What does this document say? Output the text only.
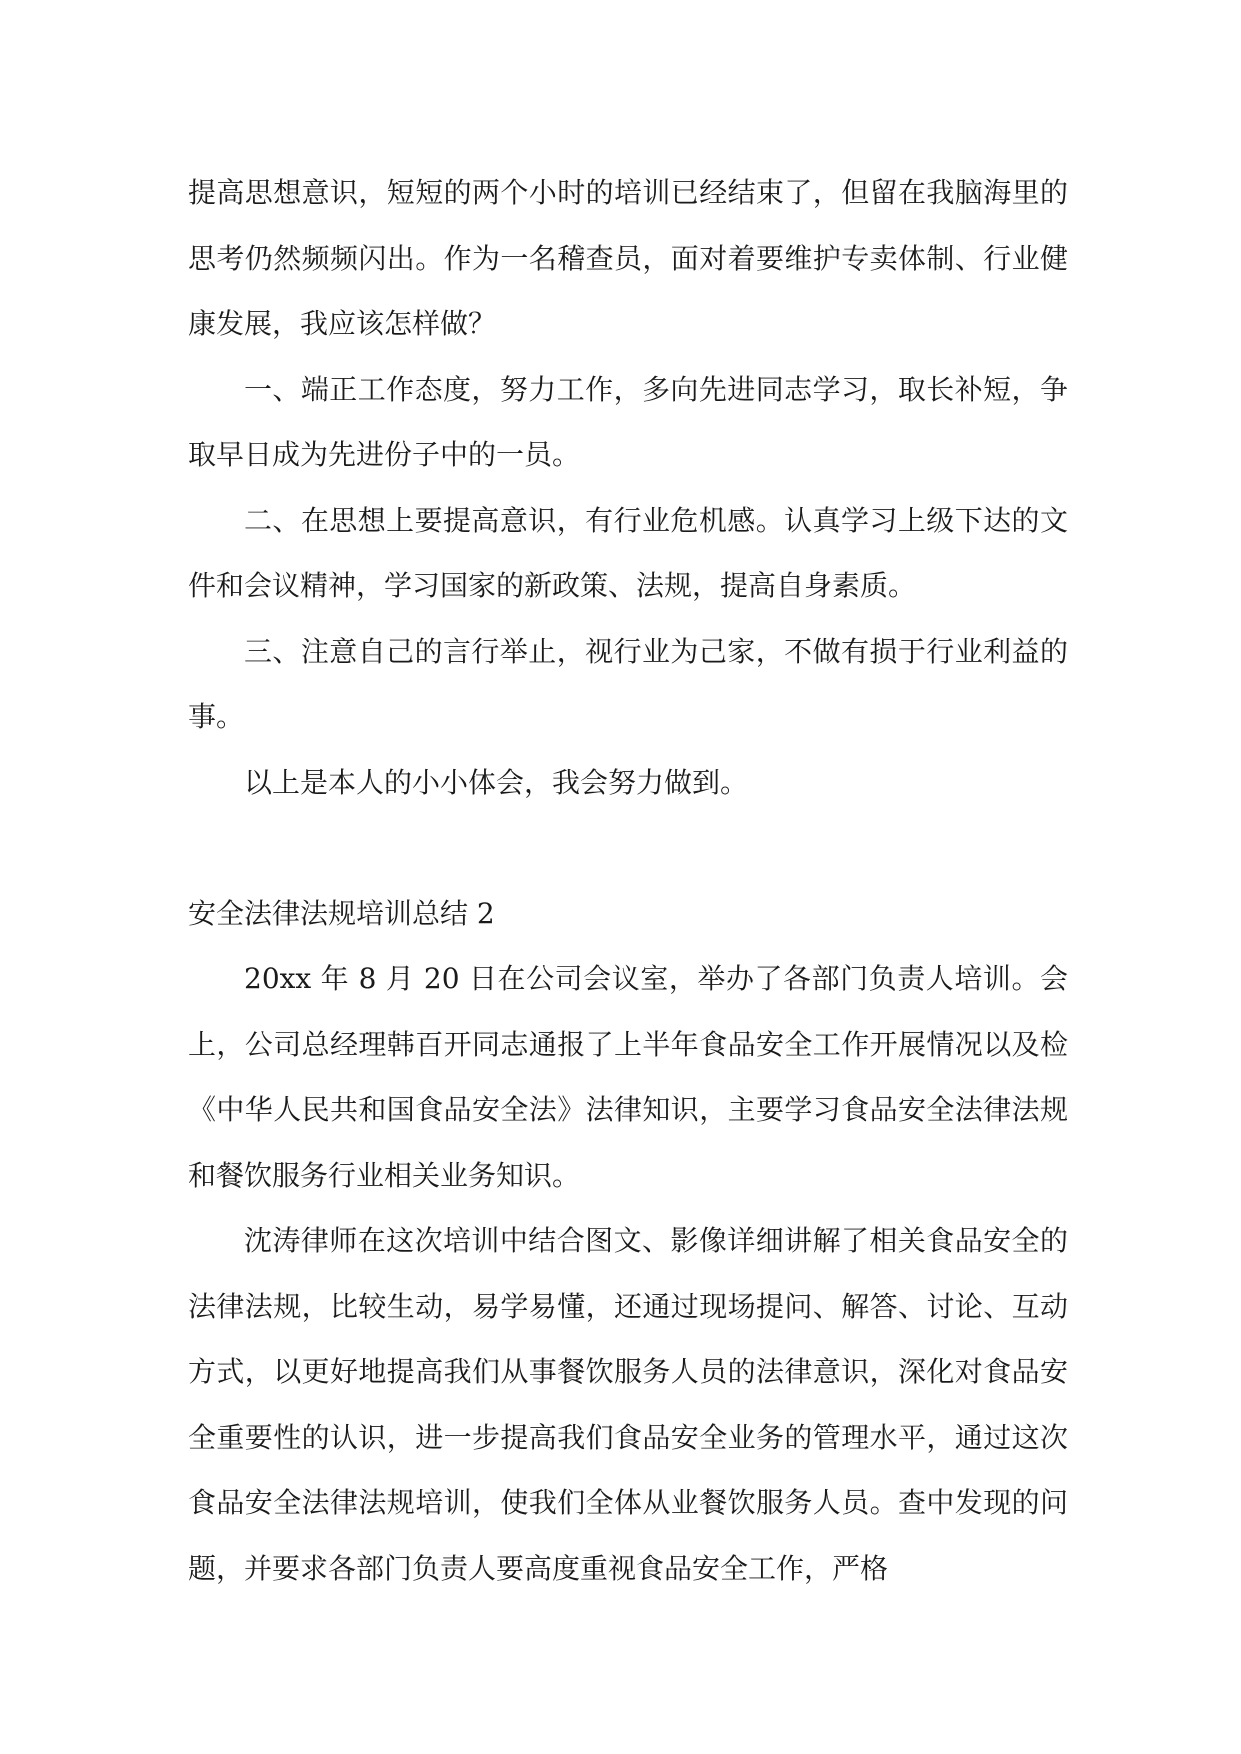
提高思想意识，短短的两个小时的培训已经结束了，但留在我脑海里的思考仍然频频闪出。作为一名稽查员，面对着要维护专卖体制、行业健康发展，我应该怎样做？

一、端正工作态度，努力工作，多向先进同志学习，取长补短，争取早日成为先进份子中的一员。

二、在思想上要提高意识，有行业危机感。认真学习上级下达的文件和会议精神，学习国家的新政策、法规，提高自身素质。

三、注意自己的言行举止，视行业为己家，不做有损于行业利益的事。

以上是本人的小小体会，我会努力做到。

安全法律法规培训总结 2

20xx 年 8 月 20 日在公司会议室，举办了各部门负责人培训。会上，公司总经理韩百开同志通报了上半年食品安全工作开展情况以及检《中华人民共和国食品安全法》法律知识，主要学习食品安全法律法规和餐饮服务行业相关业务知识。

沈涛律师在这次培训中结合图文、影像详细讲解了相关食品安全的法律法规，比较生动，易学易懂，还通过现场提问、解答、讨论、互动方式，以更好地提高我们从事餐饮服务人员的法律意识，深化对食品安全重要性的认识，进一步提高我们食品安全业务的管理水平，通过这次食品安全法律法规培训，使我们全体从业餐饮服务人员。查中发现的问题，并要求各部门负责人要高度重视食品安全工作，严格
